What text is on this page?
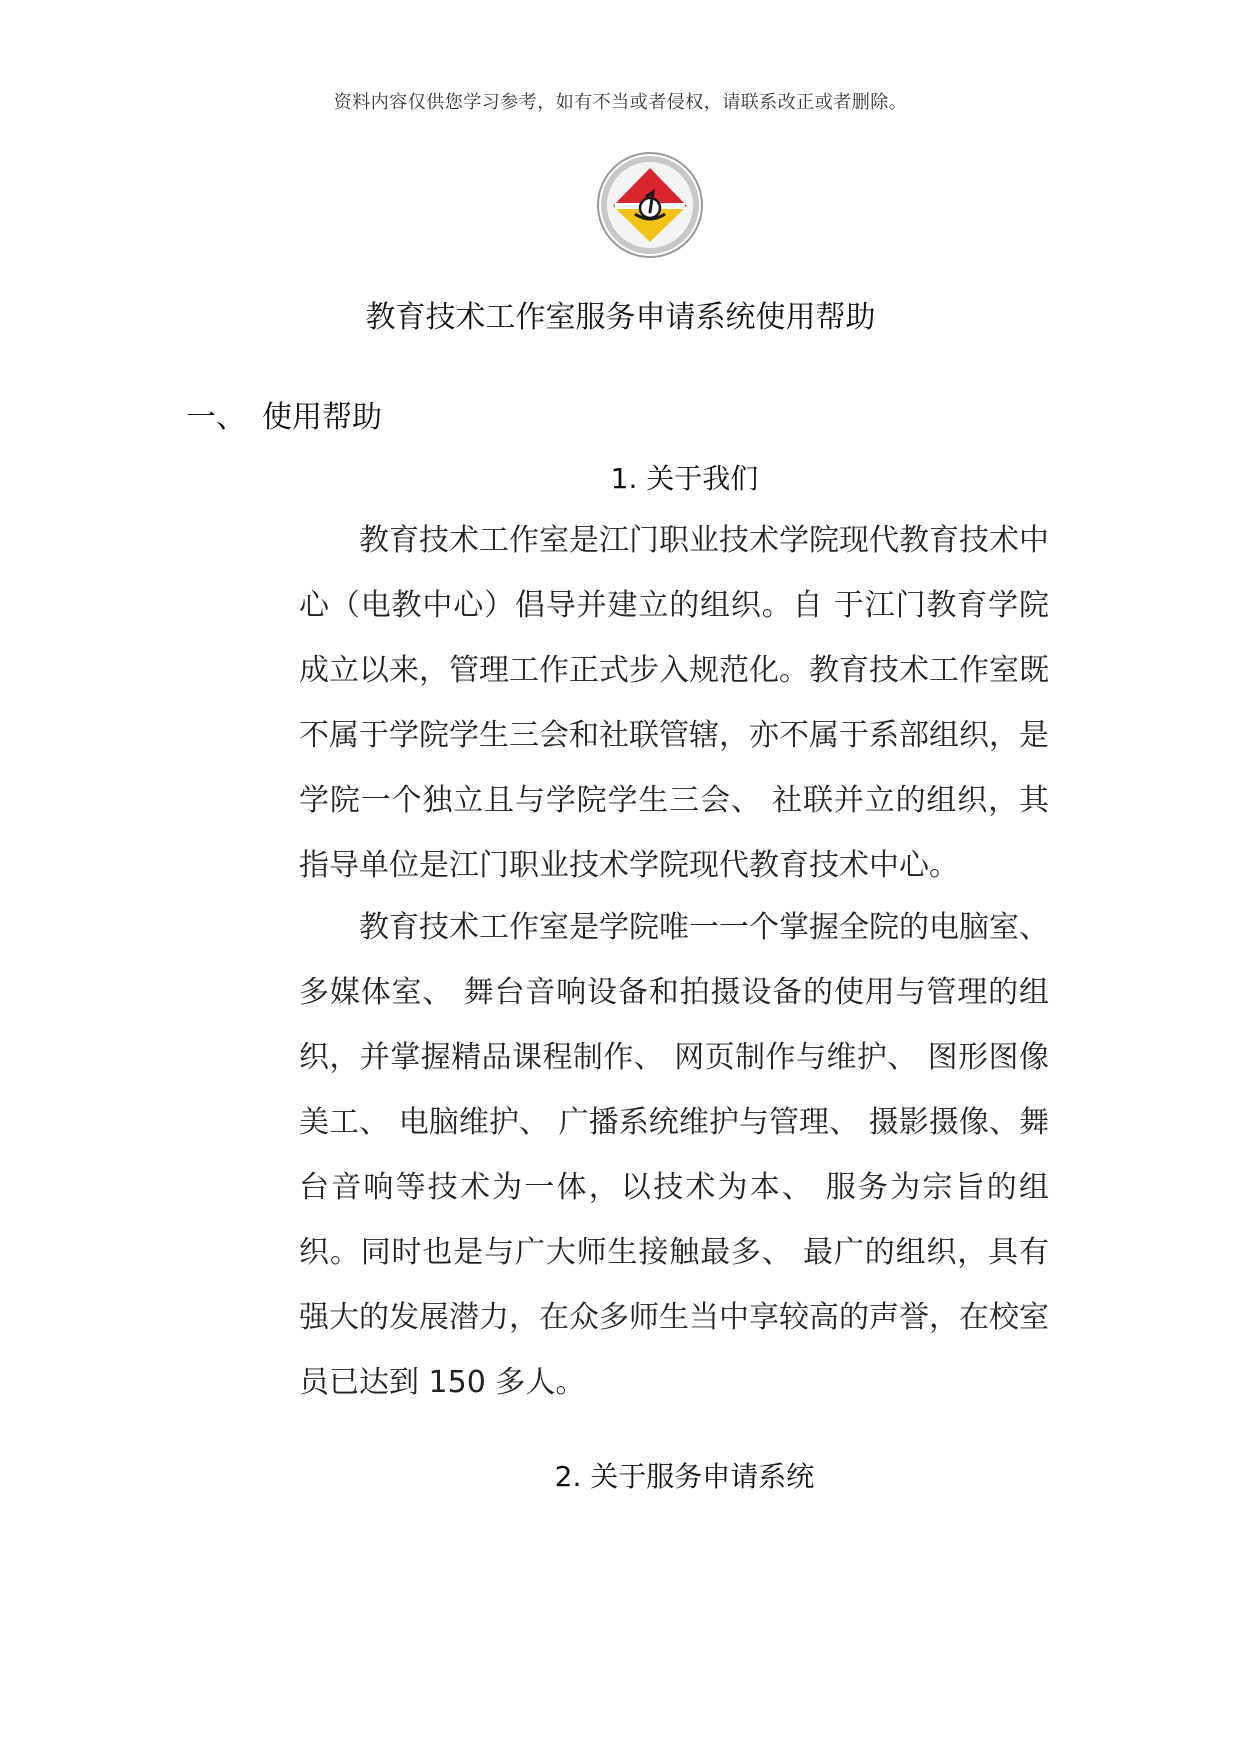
资料内容仅供您学习参考，如有不当或者侵权，请联系改正或者删除。
教育技术工作室服务申请系统使用帮助
一、 使用帮助
1. 关于我们

教育技术工作室是江门职业技术学院现代教育技术中心（电教中心）倡导并建立的组织。自 于江门教育学院成立以来，管理工作正式步入规范化。教育技术工作室既不属于学院学生三会和社联管辖，亦不属于系部组织，是学院一个独立且与学院学生三会、 社联并立的组织，其指导单位是江门职业技术学院现代教育技术中心。

教育技术工作室是学院唯一一个掌握全院的电脑室、多媒体室、 舞台音响设备和拍摄设备的使用与管理的组织，并掌握精品课程制作、 网页制作与维护、 图形图像美工、 电脑维护、 广播系统维护与管理、 摄影摄像、舞台音响等技术为一体，以技术为本、 服务为宗旨的组织。同时也是与广大师生接触最多、 最广的组织，具有强大的发展潜力，在众多师生当中享较高的声誉，在校室员已达到 150 多人。

2. 关于服务申请系统
